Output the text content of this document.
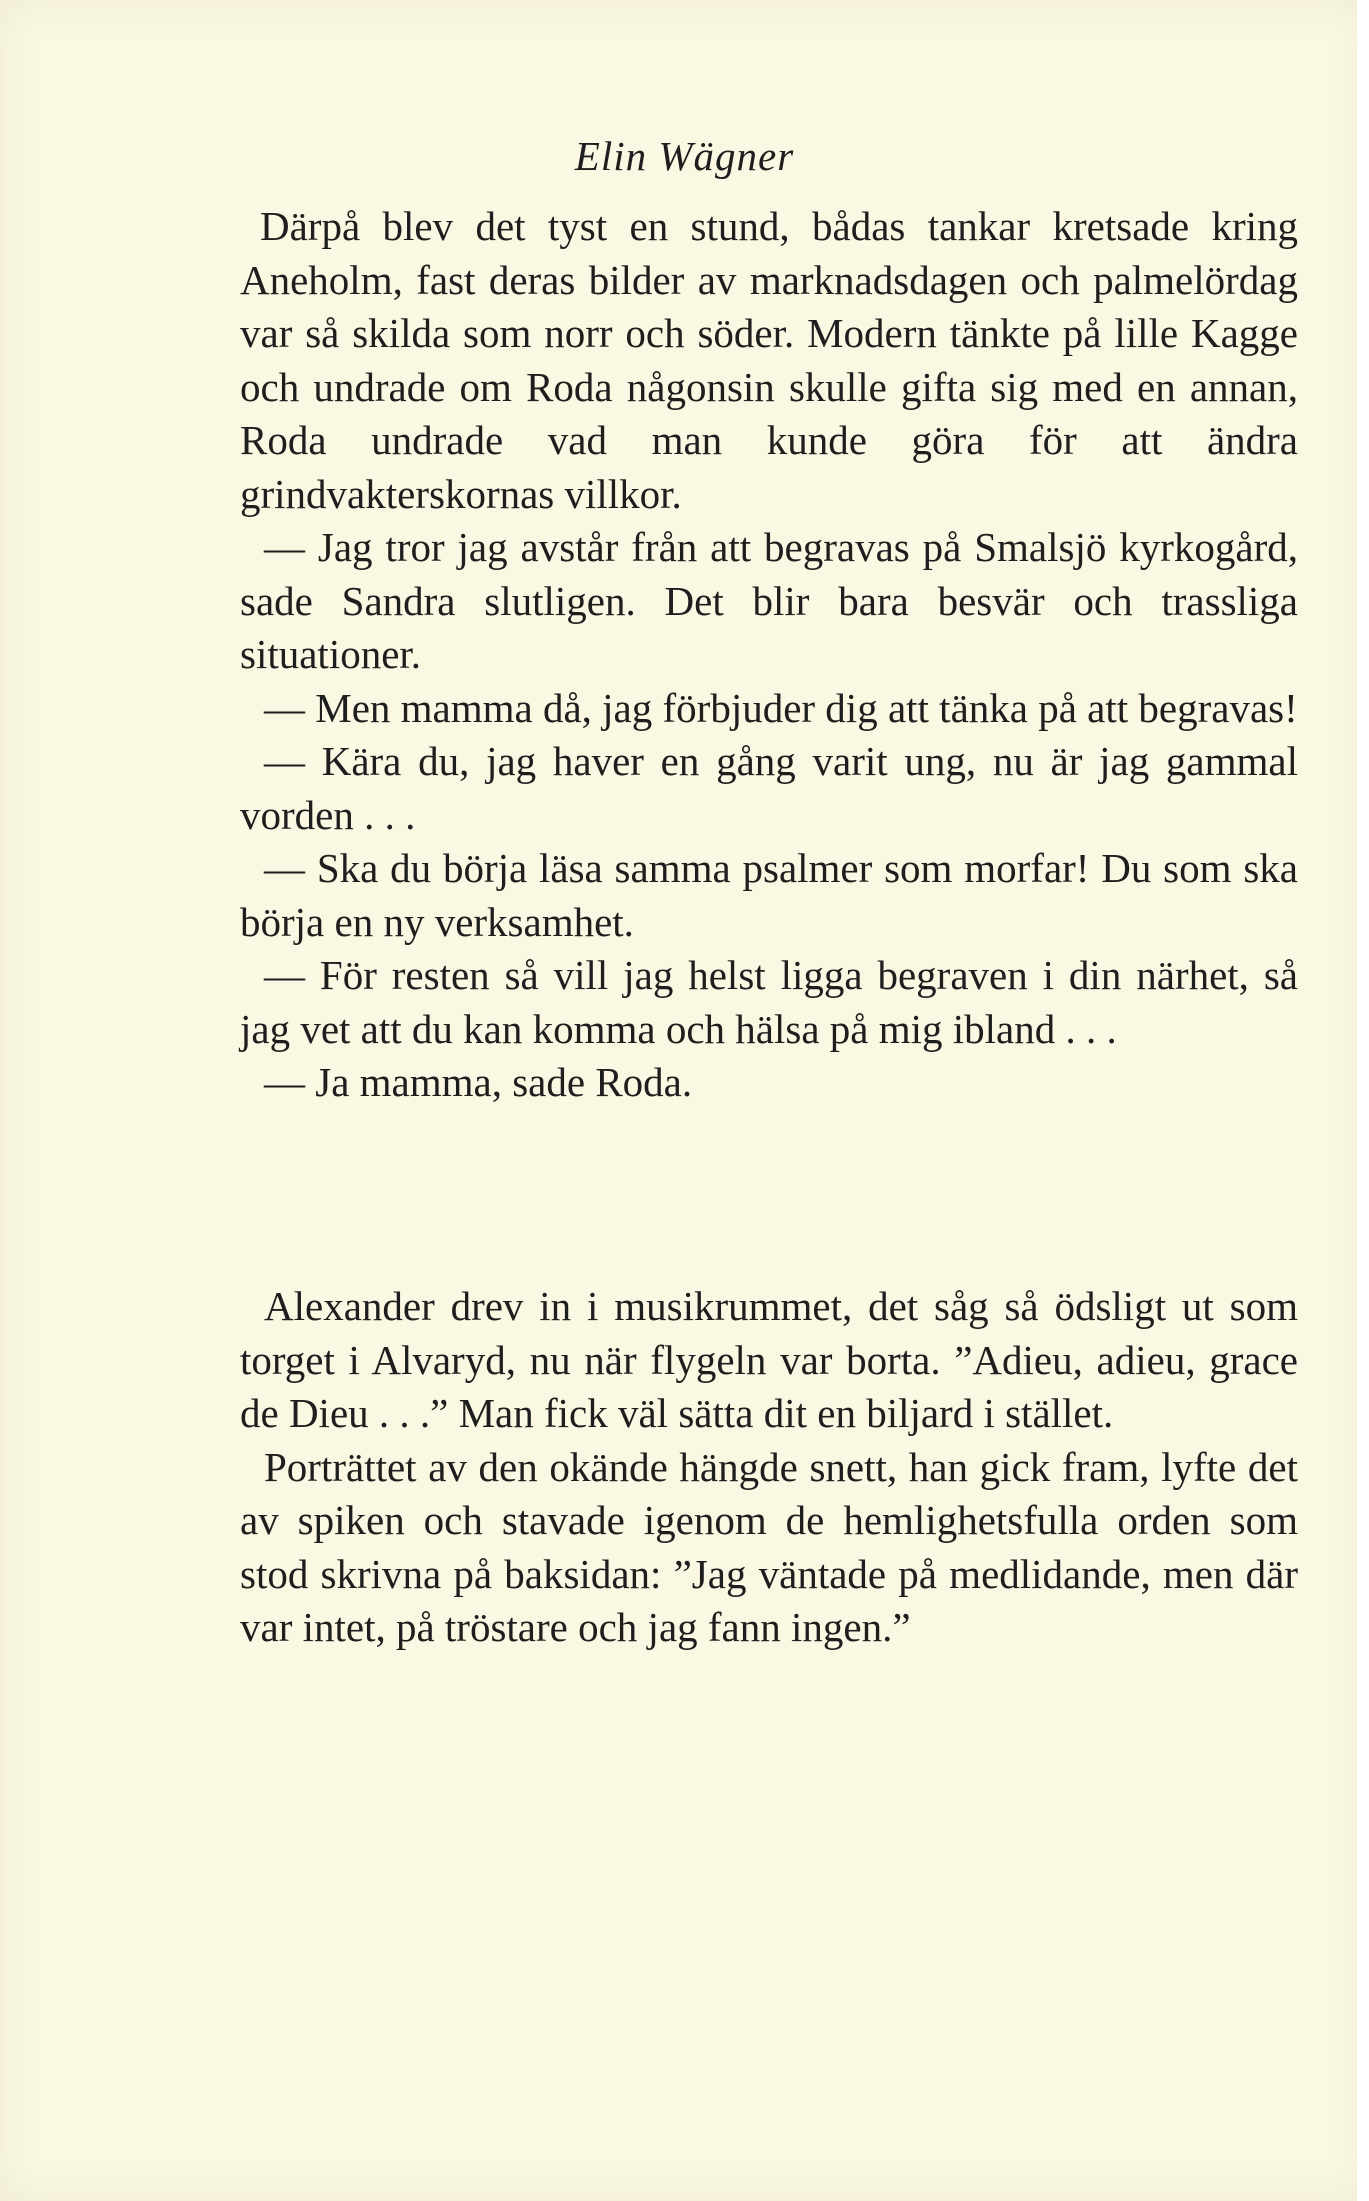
Elin Wägner

Därpå blev det tyst en stund, bådas tankar kretsade kring Aneholm, fast deras bilder av marknadsdagen och palmelördag var så skilda som norr och söder. Modern tänkte på lille Kagge och undrade om Roda någonsin skulle gifta sig med en annan, Roda undrade vad man kunde göra för att ändra grindvakterskornas villkor.

— Jag tror jag avstår från att begravas på Smalsjö kyrkogård, sade Sandra slutligen. Det blir bara besvär och trassliga situationer.

— Men mamma då, jag förbjuder dig att tänka på att begravas!

— Kära du, jag haver en gång varit ung, nu är jag gammal vorden . . .

— Ska du börja läsa samma psalmer som morfar! Du som ska börja en ny verksamhet.

— För resten så vill jag helst ligga begraven i din närhet, så jag vet att du kan komma och hälsa på mig ibland . . .

— Ja mamma, sade Roda.

Alexander drev in i musikrummet, det såg så ödsligt ut som torget i Alvaryd, nu när flygeln var borta. ”Adieu, adieu, grace de Dieu . . .” Man fick väl sätta dit en biljard i stället.

Porträttet av den okände hängde snett, han gick fram, lyfte det av spiken och stavade igenom de hemlighetsfulla orden som stod skrivna på baksidan: ”Jag väntade på medlidande, men där var intet, på tröstare och jag fann ingen.”
